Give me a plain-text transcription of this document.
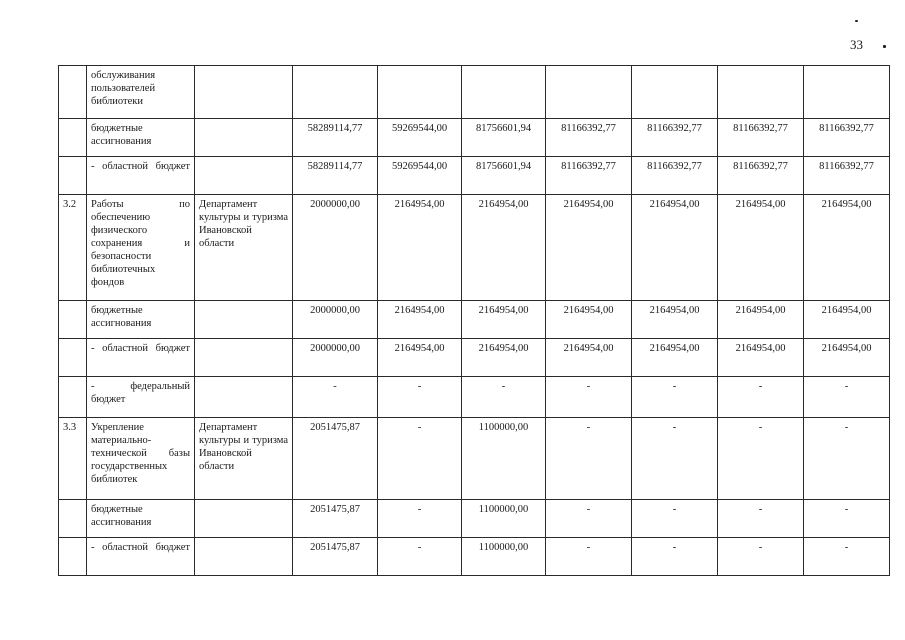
33
	обслуживания пользователей библиотеки								
	бюджетные ассигнования		58289114,77	59269544,00	81756601,94	81166392,77	81166392,77	81166392,77	81166392,77
	- областной бюджет		58289114,77	59269544,00	81756601,94	81166392,77	81166392,77	81166392,77	81166392,77
3.2	Работы по обеспечению физического сохранения и безопасности библиотечных фондов	Департамент культуры и туризма Ивановской области	2000000,00	2164954,00	2164954,00	2164954,00	2164954,00	2164954,00	2164954,00
	бюджетные ассигнования		2000000,00	2164954,00	2164954,00	2164954,00	2164954,00	2164954,00	2164954,00
	- областной бюджет		2000000,00	2164954,00	2164954,00	2164954,00	2164954,00	2164954,00	2164954,00
	- федеральный бюджет		-	-	-	-	-	-	-
3.3	Укрепление материально-технической базы государственных библиотек	Департамент культуры и туризма Ивановской области	2051475,87	-	1100000,00	-	-	-	-
	бюджетные ассигнования		2051475,87	-	1100000,00	-	-	-	-
	- областной бюджет		2051475,87	-	1100000,00	-	-	-	-
